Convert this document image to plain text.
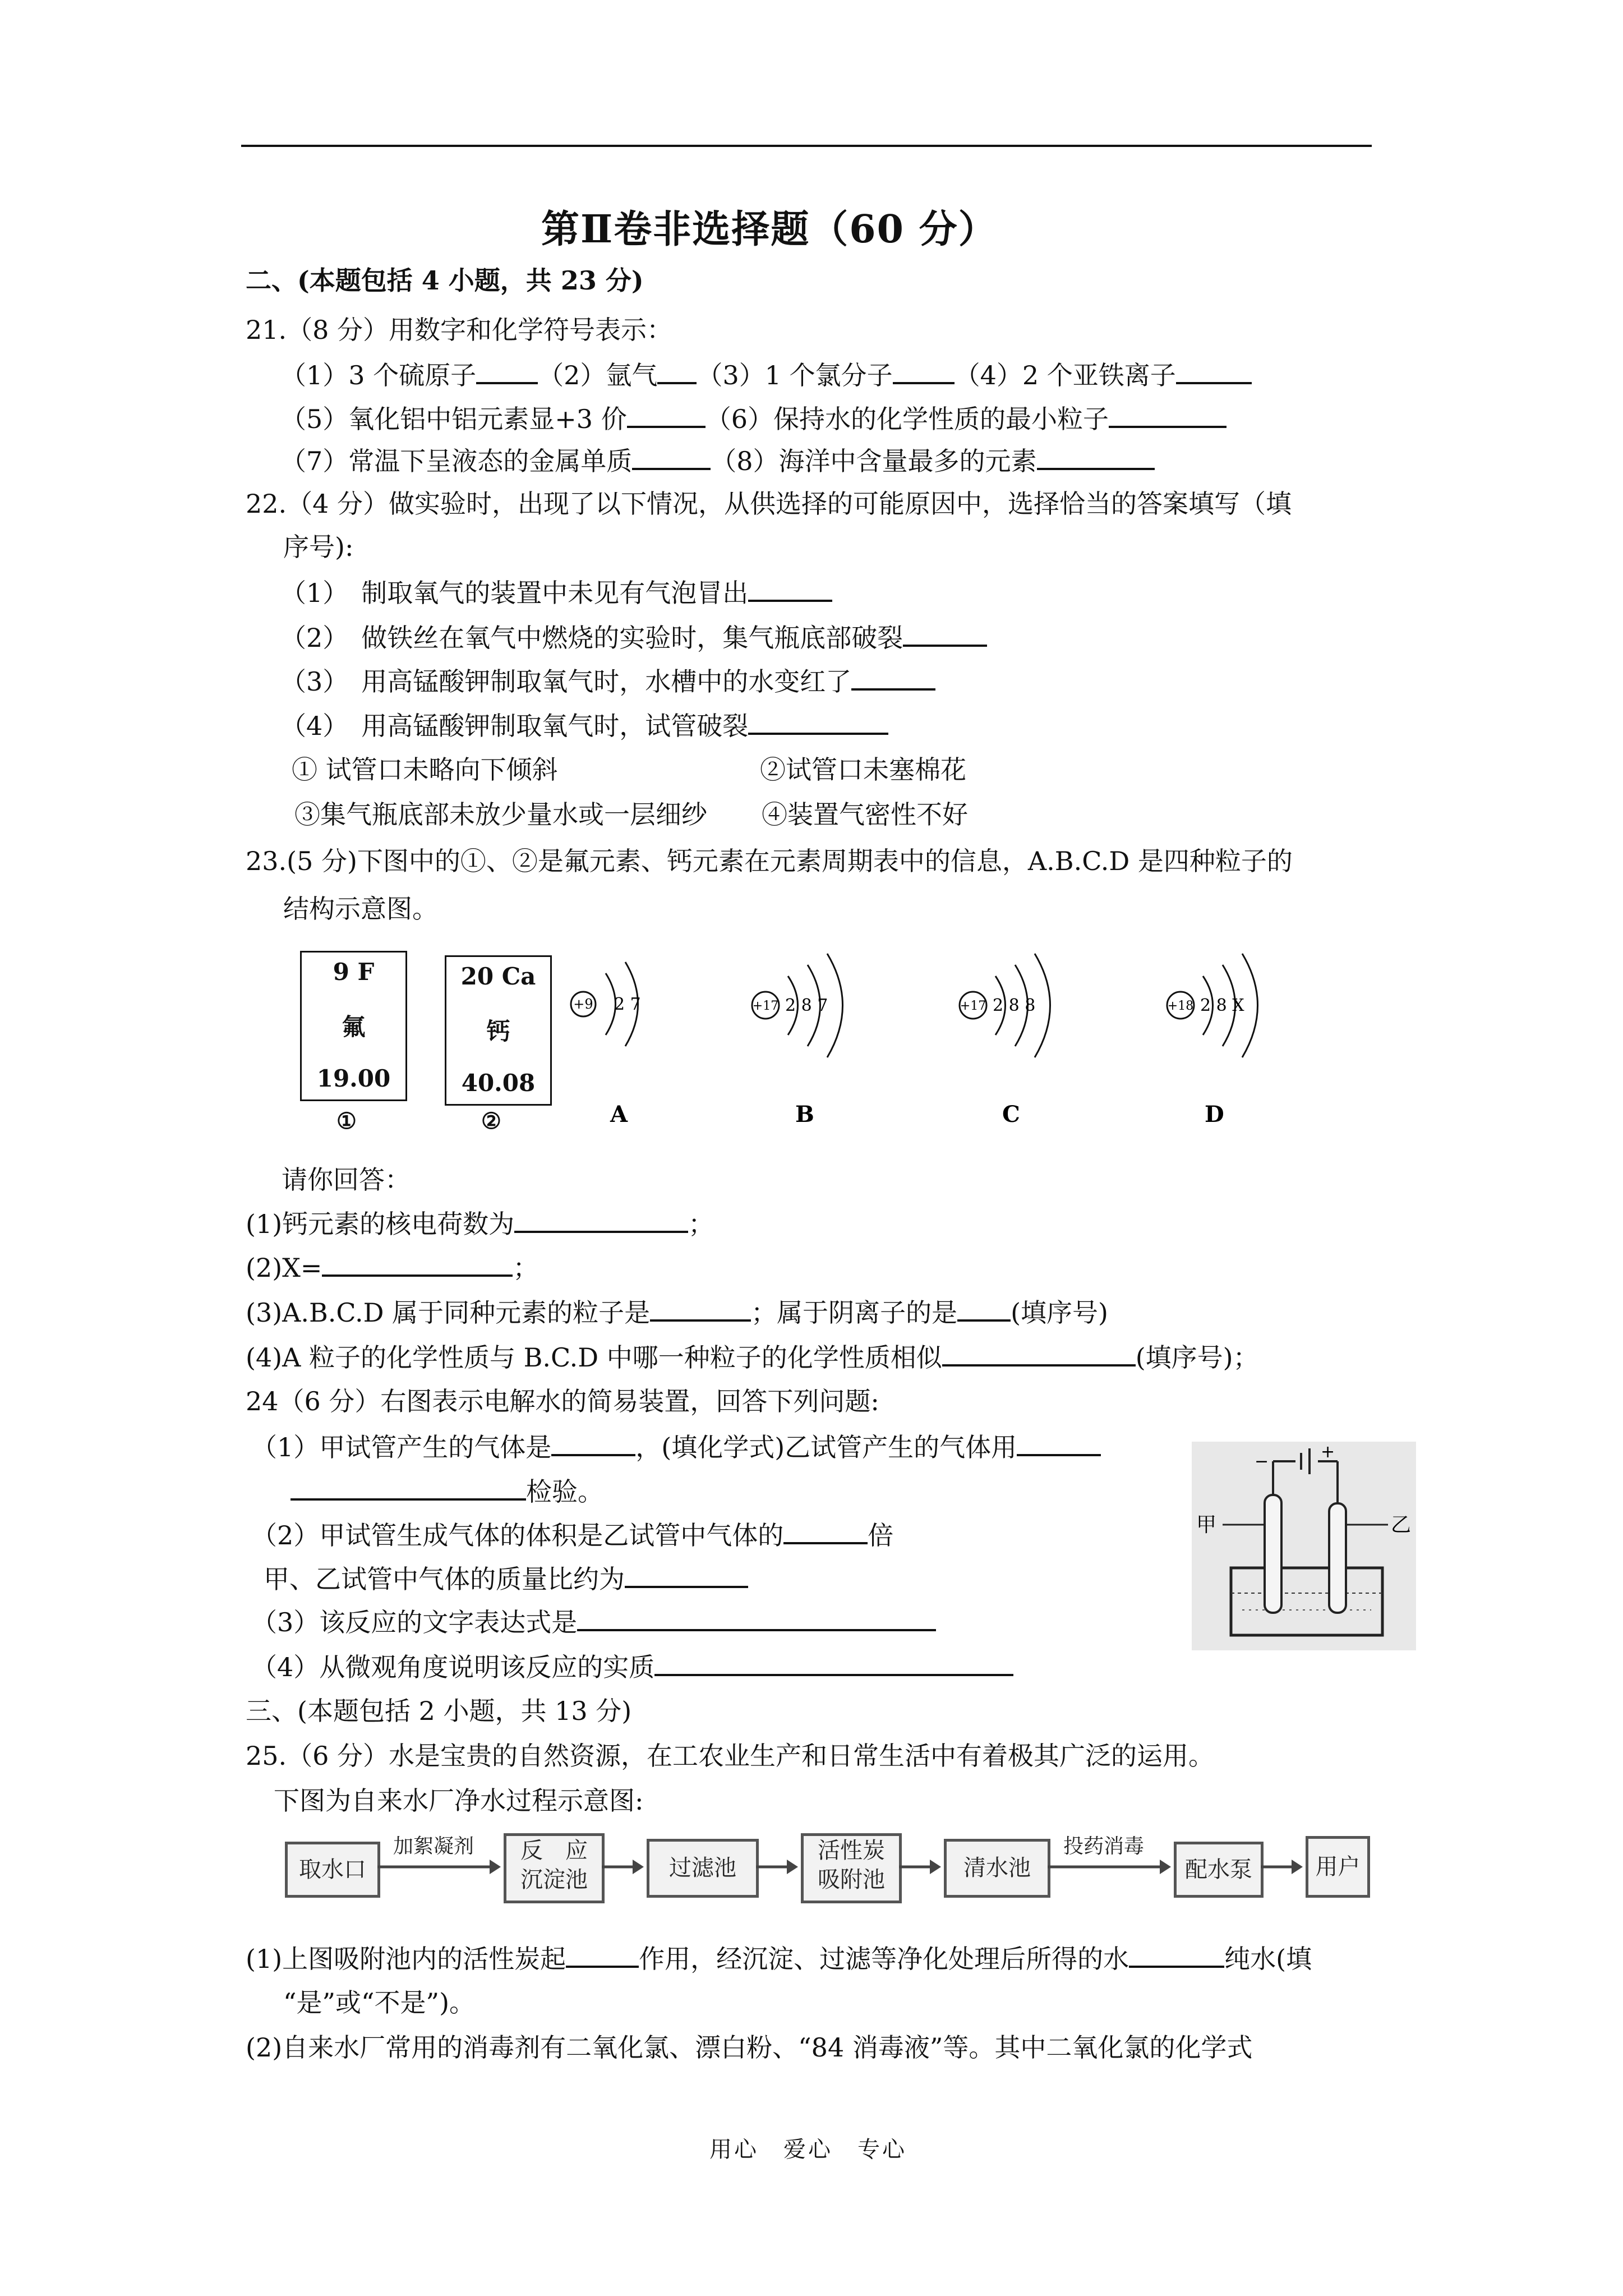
第Ⅱ卷非选择题（60 分）
二、(本题包括 4 小题，共 23 分)
21.（8 分）用数字和化学符号表示：
（1）3 个硫原子 （2）氩气 （3）1 个氯分子 （4）2 个亚铁离子
（5）氧化铝中铝元素显+3 价	（6）保持水的化学性质的最小粒子
（7）常温下呈液态的金属单质	（8）海洋中含量最多的元素
22.（4 分）做实验时，出现了以下情况，从供选择的可能原因中，选择恰当的答案填写（填
序号):
（1）　制取氧气的装置中未见有气泡冒出
（2）　做铁丝在氧气中燃烧的实验时，集气瓶底部破裂
（3）　用高锰酸钾制取氧气时，水槽中的水变红了
（4）　用高锰酸钾制取氧气时，试管破裂
① 试管口未略向下倾斜	②试管口未塞棉花
③集气瓶底部未放少量水或一层细纱 ④装置气密性不好
23.(5 分)下图中的①、②是氟元素、钙元素在元素周期表中的信息，A.B.C.D 是四种粒子的
结构示意图。
9 F
氟
19.00
①
20 Ca
钙
40.08
②
+9 2 7
A
+17 2 8 7
B
+17 2 8 8
C
+18 2 8 X
D
请你回答：
(1)钙元素的核电荷数为	；
(2)X=	；
(3)A.B.C.D 属于同种元素的粒子是	；属于阴离子的是 (填序号)
(4)A 粒子的化学性质与 B.C.D 中哪一种粒子的化学性质相似	(填序号)；
24（6 分）右图表示电解水的简易装置，回答下列问题:
（1）甲试管产生的气体是	，(填化学式)乙试管产生的气体用
检验。
（2）甲试管生成气体的体积是乙试管中气体的	倍
甲、乙试管中气体的质量比约为
（3）该反应的文字表达式是
（4）从微观角度说明该反应的实质
−	+
甲	乙
三、(本题包括 2 小题，共 13 分)
25.（6 分）水是宝贵的自然资源，在工农业生产和日常生活中有着极其广泛的运用。
下图为自来水厂净水过程示意图:
取水口
加絮凝剂	反　应
沉淀池	过滤池
活性炭
吸附池	清水池
投药消毒
配水泵	用户
(1)上图吸附池内的活性炭起	作用，经沉淀、过滤等净化处理后所得的水	纯水(填
“是”或“不是”)。
(2)自来水厂常用的消毒剂有二氧化氯、漂白粉、“84 消毒液”等。其中二氧化氯的化学式
用心　爱心　专心
